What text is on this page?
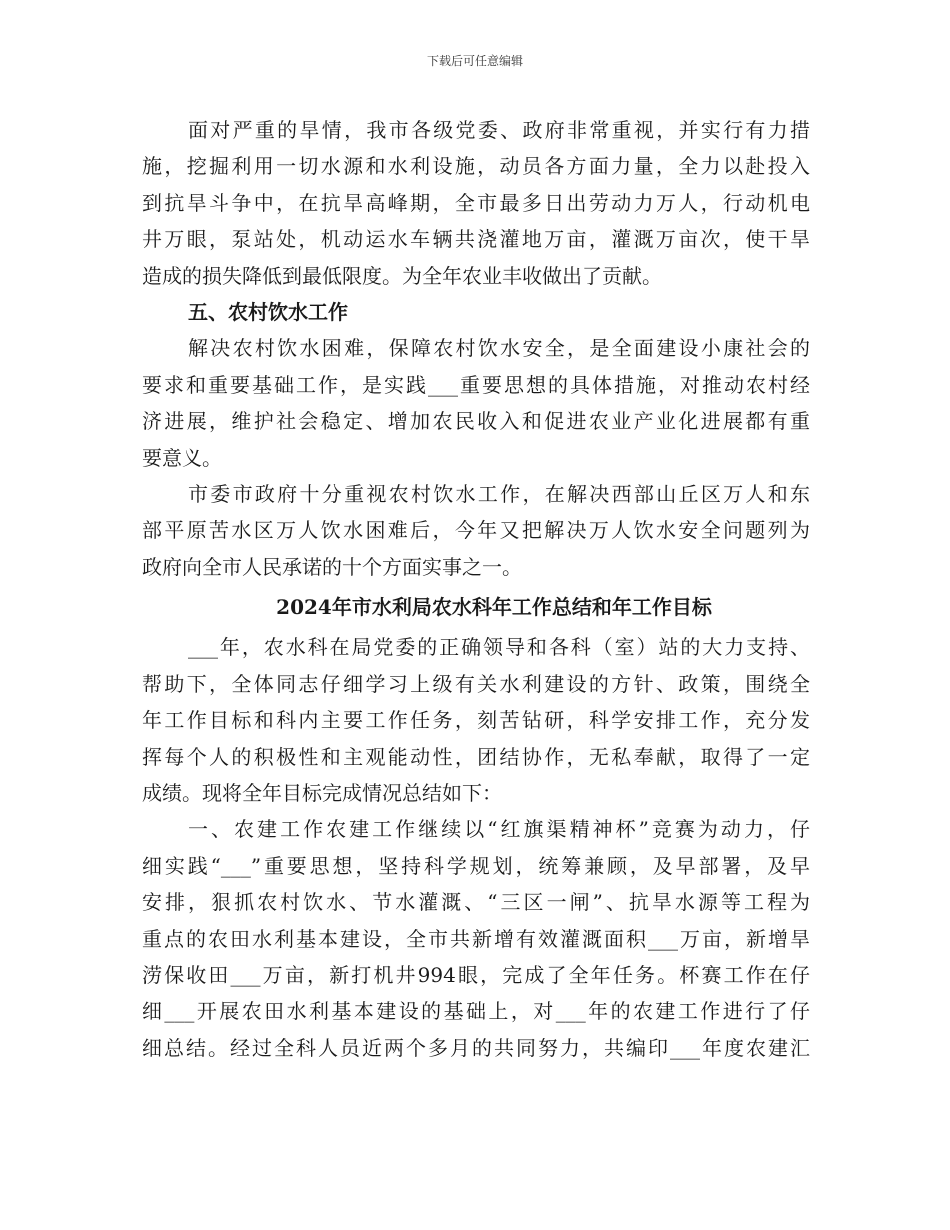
下载后可任意编辑

面对严重的旱情，我市各级党委、政府非常重视，并实行有力措

施，挖掘利用一切水源和水利设施，动员各方面力量，全力以赴投入

到抗旱斗争中，在抗旱高峰期，全市最多日出劳动力万人，行动机电

井万眼，泵站处，机动运水车辆共浇灌地万亩，灌溉万亩次，使干旱

造成的损失降低到最低限度。为全年农业丰收做出了贡献。

五、农村饮水工作

解决农村饮水困难，保障农村饮水安全，是全面建设小康社会的

要求和重要基础工作，是实践___重要思想的具体措施，对推动农村经

济进展，维护社会稳定、增加农民收入和促进农业产业化进展都有重

要意义。

市委市政府十分重视农村饮水工作，在解决西部山丘区万人和东

部平原苦水区万人饮水困难后，今年又把解决万人饮水安全问题列为

政府向全市人民承诺的十个方面实事之一。

2024年市水利局农水科年工作总结和年工作目标

___年，农水科在局党委的正确领导和各科（室）站的大力支持、

帮助下，全体同志仔细学习上级有关水利建设的方针、政策，围绕全

年工作目标和科内主要工作任务，刻苦钻研，科学安排工作，充分发

挥每个人的积极性和主观能动性，团结协作，无私奉献，取得了一定

成绩。现将全年目标完成情况总结如下：

一、农建工作农建工作继续以“红旗渠精神杯”竞赛为动力，仔

细实践“___”重要思想，坚持科学规划，统筹兼顾，及早部署，及早

安排，狠抓农村饮水、节水灌溉、“三区一闸”、抗旱水源等工程为

重点的农田水利基本建设，全市共新增有效灌溉面积___万亩，新增旱

涝保收田___万亩，新打机井994眼，完成了全年任务。杯赛工作在仔

细___开展农田水利基本建设的基础上，对___年的农建工作进行了仔

细总结。经过全科人员近两个多月的共同努力，共编印___年度农建汇
